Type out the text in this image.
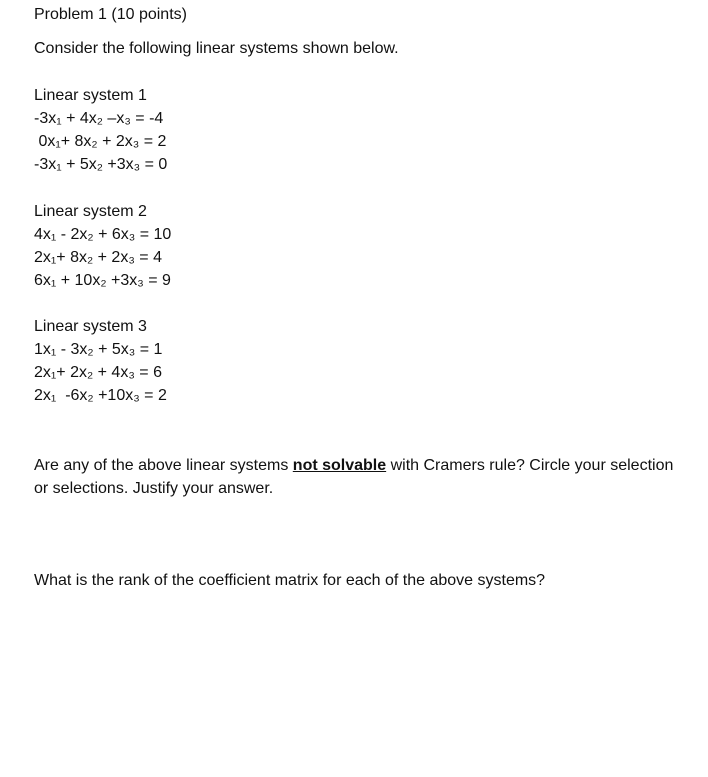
Problem 1 (10 points)
Consider the following linear systems shown below.
Linear system 1
-3x₁ + 4x₂ –x₃ = -4
0x₁+ 8x₂ + 2x₃ = 2
-3x₁ + 5x₂ +3x₃ = 0
Linear system 2
4x₁ - 2x₂ + 6x₃ = 10
2x₁+ 8x₂ + 2x₃ = 4
6x₁ + 10x₂ +3x₃ = 9
Linear system 3
1x₁ - 3x₂ + 5x₃ = 1
2x₁+ 2x₂ + 4x₃ = 6
2x₁  -6x₂ +10x₃ = 2
Are any of the above linear systems not solvable with Cramers rule? Circle your selection or selections. Justify your answer.
What is the rank of the coefficient matrix for each of the above systems?
